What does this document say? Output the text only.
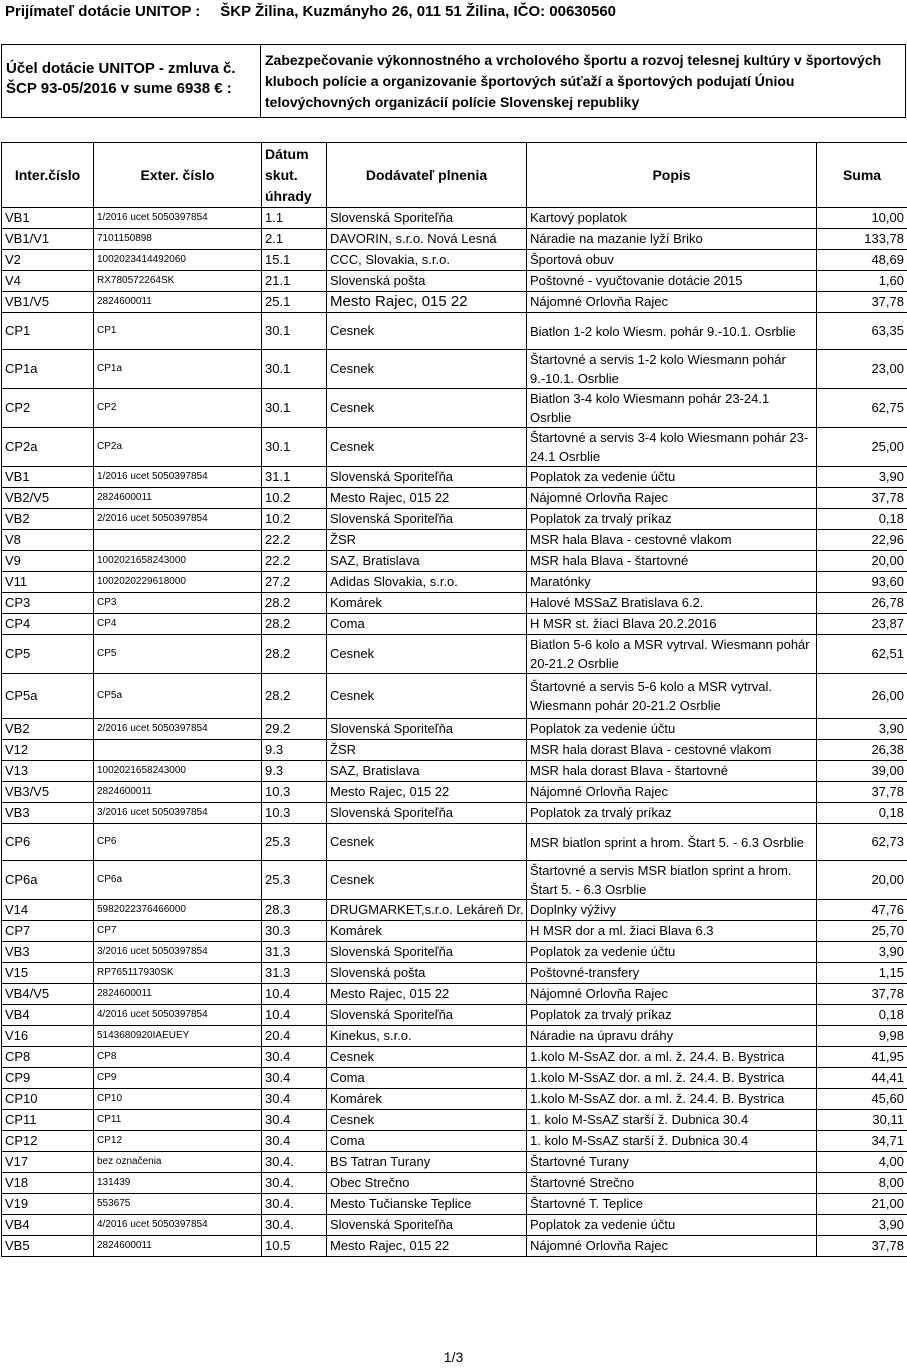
Prijímateľ dotácie UNITOP : ŠKP Žilina, Kuzmányho 26, 011 51 Žilina, IČO: 00630560
Účel dotácie UNITOP - zmluva č. ŠCP 93-05/2016 v sume 6938 € :
Zabezpečovanie výkonnostného a vrcholového športu a rozvoj telesnej kultúry v športových kluboch polície a organizovanie športových súťaží a športových podujatí Úniou telovýchovných organizácií polície Slovenskej republiky
Inter.číslo	Exter. číslo	Dátum skut. úhrady	Dodávateľ plnenia	Popis	Suma
VB1	1/2016 ucet 5050397854	1.1	Slovenská Sporiteľňa	Kartový poplatok	10,00
VB1/V1	7101150898	2.1	DAVORIN, s.r.o. Nová Lesná	Náradie na mazanie lyží Briko	133,78
V2	1002023414492060	15.1	CCC, Slovakia, s.r.o.	Športová obuv	48,69
V4	RX780572264SK	21.1	Slovenská pošta	Poštovné - vyučtovanie dotácie 2015	1,60
VB1/V5	2824600011	25.1	Mesto Rajec, 015 22	Nájomné Orlovňa Rajec	37,78
CP1	CP1	30.1	Cesnek	Biatlon 1-2 kolo Wiesm. pohár 9.-10.1. Osrblie	63,35
CP1a	CP1a	30.1	Cesnek	Štartovné a servis 1-2 kolo Wiesmann pohár 9.-10.1. Osrblie	23,00
CP2	CP2	30.1	Cesnek	Biatlon 3-4 kolo Wiesmann pohár 23-24.1 Osrblie	62,75
CP2a	CP2a	30.1	Cesnek	Štartovné a servis 3-4 kolo Wiesmann pohár 23-24.1 Osrblie	25,00
VB1	1/2016 ucet 5050397854	31.1	Slovenská Sporiteľňa	Poplatok za vedenie účtu	3,90
VB2/V5	2824600011	10.2	Mesto Rajec, 015 22	Nájomné Orlovňa Rajec	37,78
VB2	2/2016 ucet 5050397854	10.2	Slovenská Sporiteľňa	Poplatok za trvalý príkaz	0,18
V8		22.2	ŽSR	MSR hala Blava - cestovné vlakom	22,96
V9	1002021658243000	22.2	SAZ, Bratislava	MSR hala Blava - štartovné	20,00
V11	1002020229618000	27.2	Adidas Slovakia, s.r.o.	Maratónky	93,60
CP3	CP3	28.2	Komárek	Halové MSSaZ Bratislava 6.2.	26,78
CP4	CP4	28.2	Coma	H MSR st. žiaci Blava 20.2.2016	23,87
CP5	CP5	28.2	Cesnek	Biatlon 5-6 kolo a MSR vytrval. Wiesmann pohár 20-21.2 Osrblie	62,51
CP5a	CP5a	28.2	Cesnek	Štartovné a servis 5-6 kolo a MSR vytrval. Wiesmann pohár 20-21.2 Osrblie	26,00
VB2	2/2016 ucet 5050397854	29.2	Slovenská Sporiteľňa	Poplatok za vedenie účtu	3,90
V12		9.3	ŽSR	MSR hala dorast Blava - cestovné vlakom	26,38
V13	1002021658243000	9.3	SAZ, Bratislava	MSR hala dorast Blava - štartovné	39,00
VB3/V5	2824600011	10.3	Mesto Rajec, 015 22	Nájomné Orlovňa Rajec	37,78
VB3	3/2016 ucet 5050397854	10.3	Slovenská Sporiteľňa	Poplatok za trvalý príkaz	0,18
CP6	CP6	25.3	Cesnek	MSR biatlon sprint a hrom. Štart 5. - 6.3 Osrblie	62,73
CP6a	CP6a	25.3	Cesnek	Štartovné a servis MSR biatlon sprint a hrom. Štart 5. - 6.3 Osrblie	20,00
V14	5982022376466000	28.3	DRUGMARKET,s.r.o. Lekáreň Dr.	Doplnky výživy	47,76
CP7	CP7	30.3	Komárek	H MSR dor a ml. žiaci Blava 6.3	25,70
VB3	3/2016 ucet 5050397854	31.3	Slovenská Sporiteľňa	Poplatok za vedenie účtu	3,90
V15	RP765117930SK	31.3	Slovenská pošta	Poštovné-transfery	1,15
VB4/V5	2824600011	10.4	Mesto Rajec, 015 22	Nájomné Orlovňa Rajec	37,78
VB4	4/2016 ucet 5050397854	10.4	Slovenská Sporiteľňa	Poplatok za trvalý príkaz	0,18
V16	5143680920IAEUEY	20.4	Kinekus, s.r.o.	Náradie na úpravu dráhy	9,98
CP8	CP8	30.4	Cesnek	1.kolo M-SsAZ dor. a ml. ž. 24.4. B. Bystrica	41,95
CP9	CP9	30.4	Coma	1.kolo M-SsAZ dor. a ml. ž. 24.4. B. Bystrica	44,41
CP10	CP10	30.4	Komárek	1.kolo M-SsAZ dor. a ml. ž. 24.4. B. Bystrica	45,60
CP11	CP11	30.4	Cesnek	1. kolo M-SsAZ starší ž. Dubnica 30.4	30,11
CP12	CP12	30.4	Coma	1. kolo M-SsAZ starší ž. Dubnica 30.4	34,71
V17	bez označenia	30.4.	BS Tatran Turany	Štartovné Turany	4,00
V18	131439	30.4.	Obec Strečno	Štartovné Strečno	8,00
V19	553675	30.4.	Mesto Tučianske Teplice	Štartovné T. Teplice	21,00
VB4	4/2016 ucet 5050397854	30.4.	Slovenská Sporiteľňa	Poplatok za vedenie účtu	3,90
VB5	2824600011	10.5	Mesto Rajec, 015 22	Nájomné Orlovňa Rajec	37,78
1/3
